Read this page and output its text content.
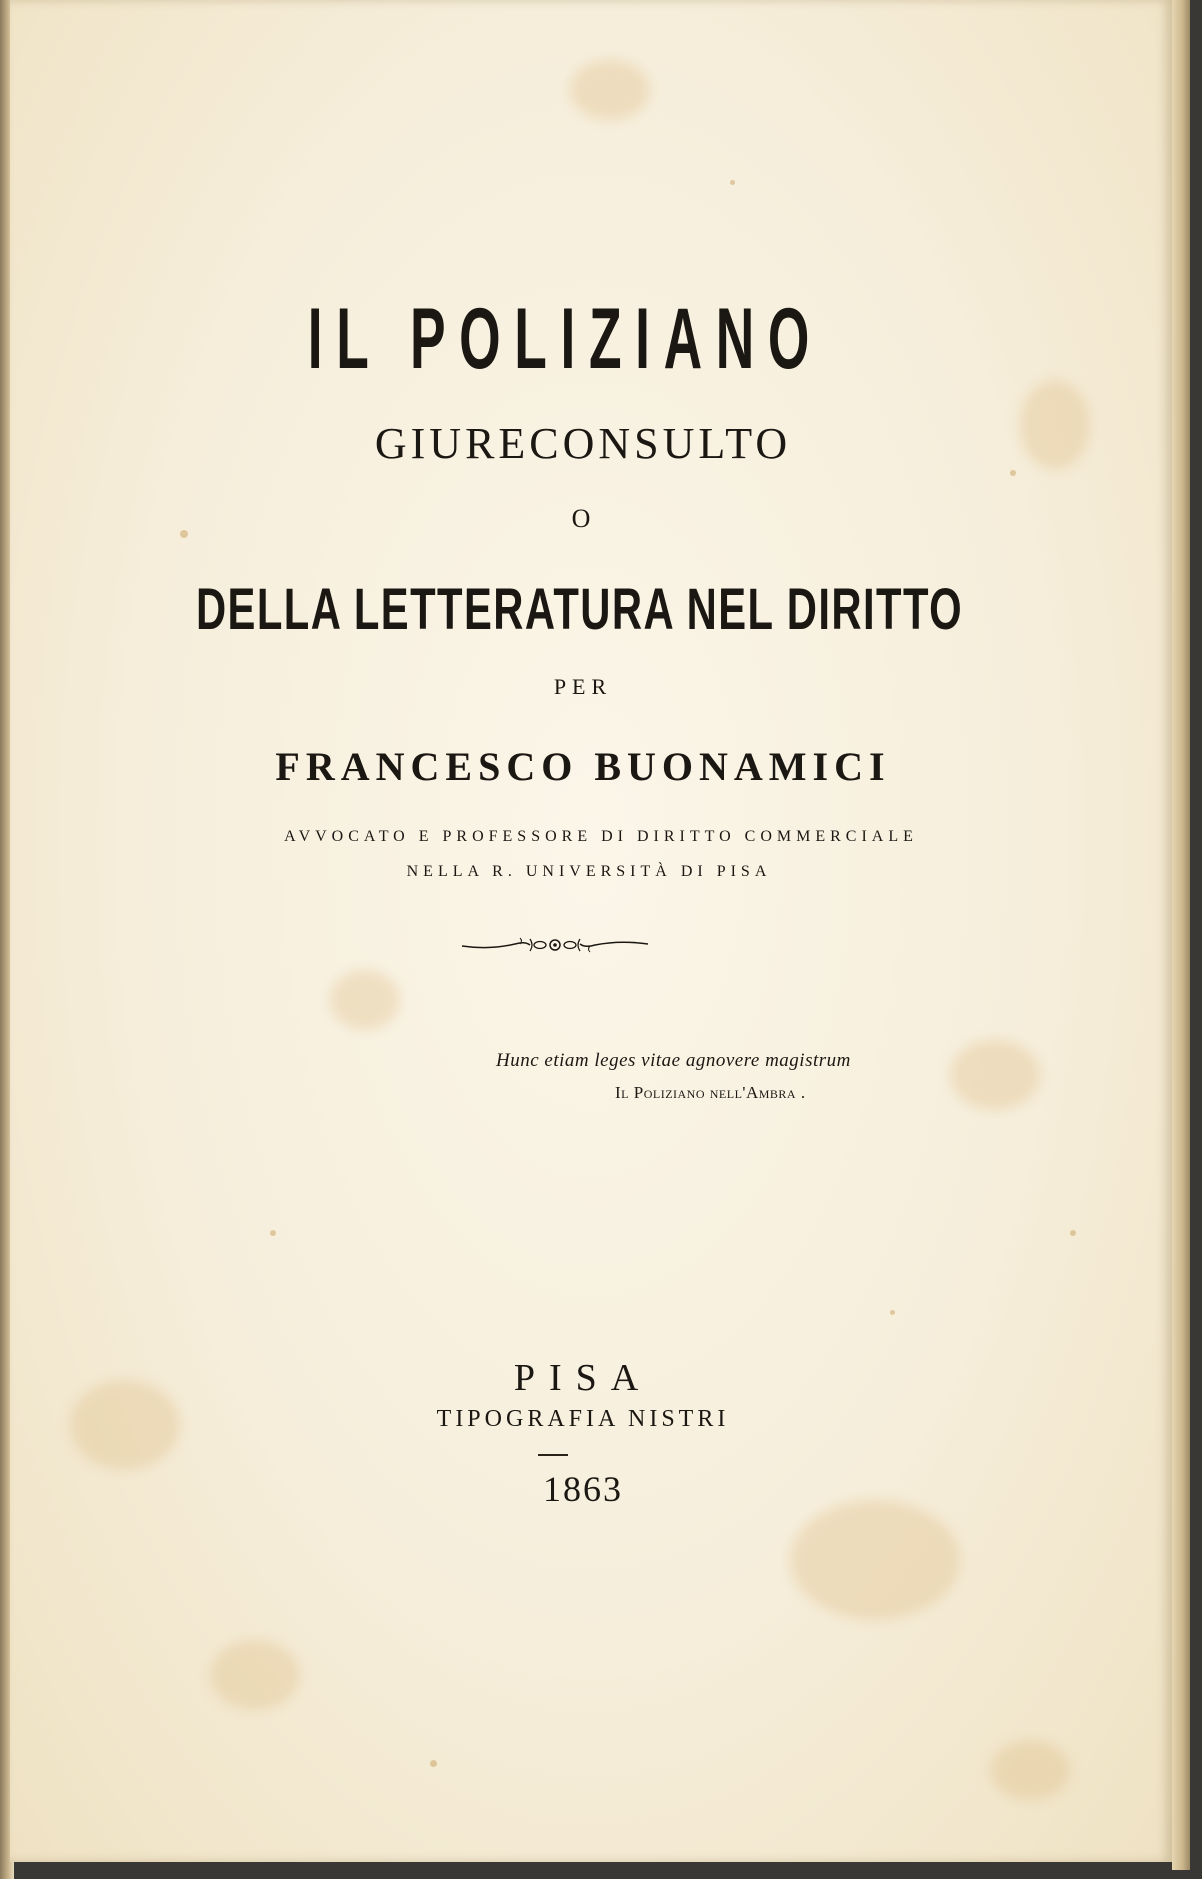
IL POLIZIANO
GIURECONSULTO
O
DELLA LETTERATURA NEL DIRITTO
PER
FRANCESCO BUONAMICI
AVVOCATO E PROFESSORE DI DIRITTO COMMERCIALE
NELLA R. UNIVERSITÀ DI PISA
Hunc etiam leges vitae agnovere magistrum
Il Poliziano nell'Ambra .
PISA
TIPOGRAFIA NISTRI
1863
